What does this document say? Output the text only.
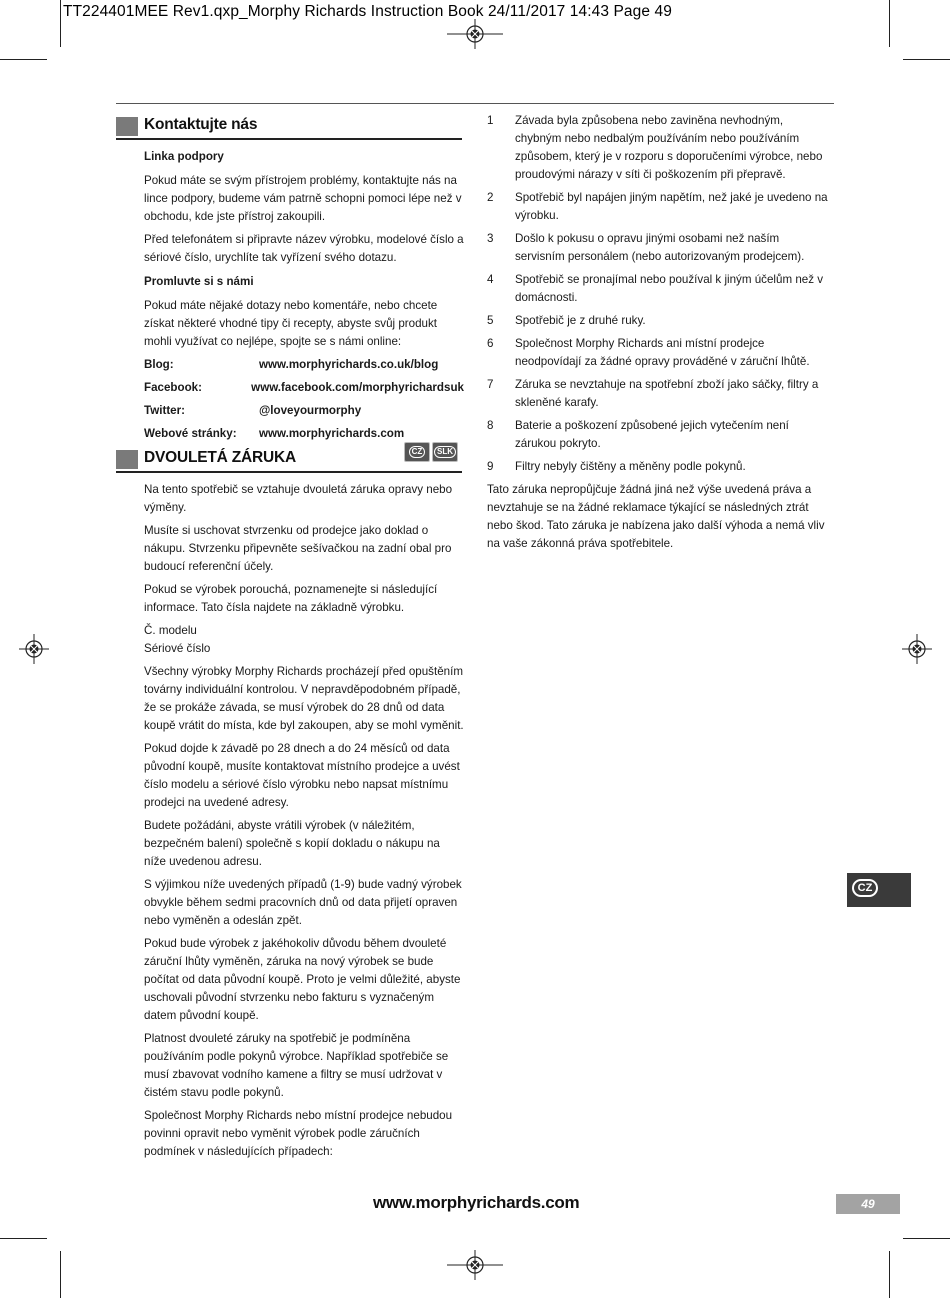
TT224401MEE Rev1.qxp_Morphy Richards Instruction Book 24/11/2017 14:43 Page 49
Kontaktujte nás
Linka podpory

Pokud máte se svým přístrojem problémy, kontaktujte nás na lince podpory, budeme vám patrně schopni pomoci lépe než v obchodu, kde jste přístroj zakoupili.

Před telefonátem si připravte název výrobku, modelové číslo a sériové číslo, urychlíte tak vyřízení svého dotazu.

Promluvte si s námi

Pokud máte nějaké dotazy nebo komentáře, nebo chcete získat některé vhodné tipy či recepty, abyste svůj produkt mohli využívat co nejlépe, spojte se s námi online:

Blog:	www.morphyrichards.co.uk/blog
Facebook:	www.facebook.com/morphyrichardsuk
Twitter:	@loveyourmorphy
Webové stránky:	www.morphyrichards.com
DVOULETÁ ZÁRUKA	CZ	SLK

Na tento spotřebič se vztahuje dvouletá záruka opravy nebo výměny.

Musíte si uschovat stvrzenku od prodejce jako doklad o nákupu. Stvrzenku připevněte sešívačkou na zadní obal pro budoucí referenční účely.

Pokud se výrobek porouchá, poznamenejte si následující informace. Tato čísla najdete na základně výrobku.

Č. modelu

Sériové číslo

Všechny výrobky Morphy Richards procházejí před opuštěním továrny individuální kontrolou. V nepravděpodobném případě, že se prokáže závada, se musí výrobek do 28 dnů od data koupě vrátit do místa, kde byl zakoupen, aby se mohl vyměnit.

Pokud dojde k závadě po 28 dnech a do 24 měsíců od data původní koupě, musíte kontaktovat místního prodejce a uvést číslo modelu a sériové číslo výrobku nebo napsat místnímu prodejci na uvedené adresy.

Budete požádáni, abyste vrátili výrobek (v náležitém, bezpečném balení) společně s kopií dokladu o nákupu na níže uvedenou adresu.

S výjimkou níže uvedených případů (1-9) bude vadný výrobek obvykle během sedmi pracovních dnů od data přijetí opraven nebo vyměněn a odeslán zpět.

Pokud bude výrobek z jakéhokoliv důvodu během dvouleté záruční lhůty vyměněn, záruka na nový výrobek se bude počítat od data původní koupě. Proto je velmi důležité, abyste uschovali původní stvrzenku nebo fakturu s vyznačeným datem původní koupě.

Platnost dvouleté záruky na spotřebič je podmíněna používáním podle pokynů výrobce. Například spotřebiče se musí zbavovat vodního kamene a filtry se musí udržovat v čistém stavu podle pokynů.

Společnost Morphy Richards nebo místní prodejce nebudou povinni opravit nebo vyměnit výrobek podle záručních podmínek v následujících případech:

1	Závada byla způsobena nebo zaviněna nevhodným, chybným nebo nedbalým používáním nebo používáním způsobem, který je v rozporu s doporučeními výrobce, nebo proudovými nárazy v síti či poškozením při přepravě.
2	Spotřebič byl napájen jiným napětím, než jaké je uvedeno na výrobku.
3	Došlo k pokusu o opravu jinými osobami než naším servisním personálem (nebo autorizovaným prodejcem).
4	Spotřebič se pronajímal nebo používal k jiným účelům než v domácnosti.
5	Spotřebič je z druhé ruky.
6	Společnost Morphy Richards ani místní prodejce neodpovídají za žádné opravy prováděné v záruční lhůtě.
7	Záruka se nevztahuje na spotřební zboží jako sáčky, filtry a skleněné karafy.
8	Baterie a poškození způsobené jejich vytečením není zárukou pokryto.
9	Filtry nebyly čištěny a měněny podle pokynů.

Tato záruka nepropůjčuje žádná jiná než výše uvedená práva a nevztahuje se na žádné reklamace týkající se následných ztrát nebo škod. Tato záruka je nabízena jako další výhoda a nemá vliv na vaše zákonná práva spotřebitele.

CZ
www.morphyrichards.com	49
